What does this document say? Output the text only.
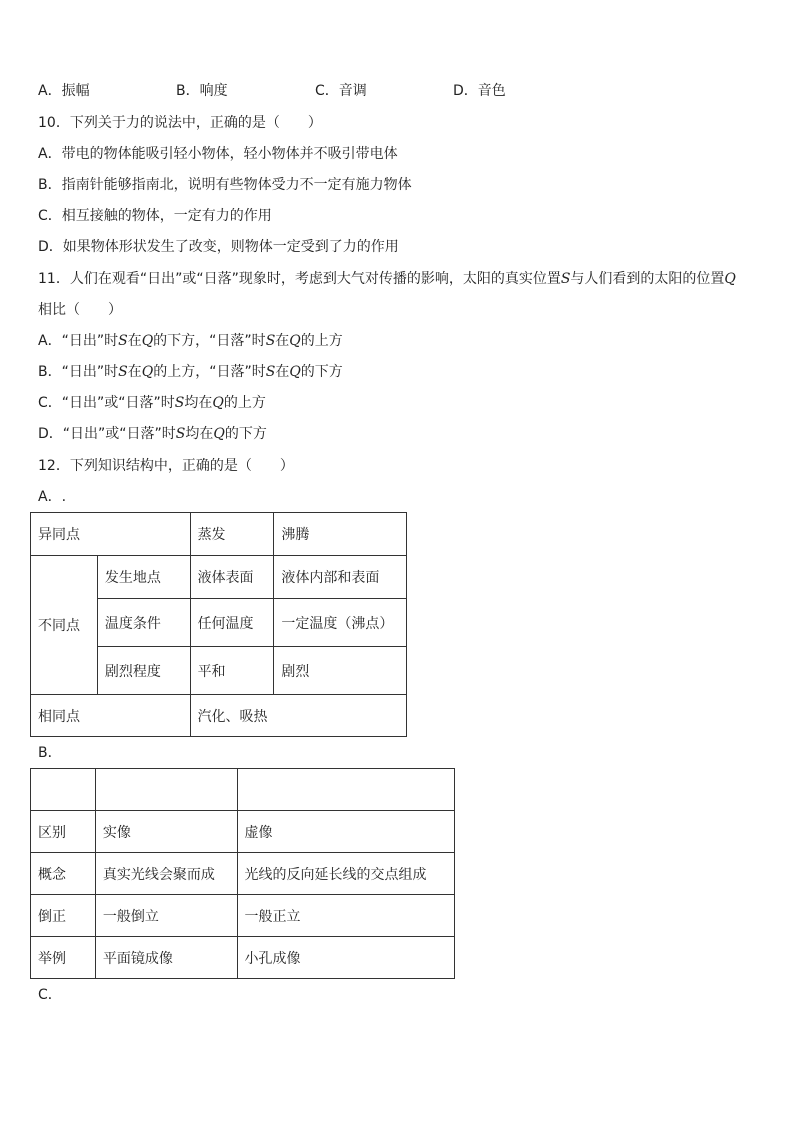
A．振幅	B．响度	C．音调	D．音色
10．下列关于力的说法中，正确的是（　　）
A．带电的物体能吸引轻小物体，轻小物体并不吸引带电体
B．指南针能够指南北，说明有些物体受力不一定有施力物体
C．相互接触的物体，一定有力的作用
D．如果物体形状发生了改变，则物体一定受到了力的作用
11．人们在观看“日出”或“日落”现象时，考虑到大气对传播的影响，太阳的真实位置S与人们看到的太阳的位置Q
相比（　　）
A．“日出”时S在Q的下方，“日落”时S在Q的上方
B．“日出”时S在Q的上方，“日落”时S在Q的下方
C．“日出”或“日落”时S均在Q的上方
D．“日出”或“日落”时S均在Q的下方
12．下列知识结构中，正确的是（　　）
A．.
异同点		蒸发	沸腾
不同点	发生地点	液体表面	液体内部和表面
	温度条件	任何温度	一定温度（沸点）
	剧烈程度	平和	剧烈
相同点		汽化、吸热	
B．

区别	实像	虚像
概念	真实光线会聚而成	光线的反向延长线的交点组成
倒正	一般倒立	一般正立
举例	平面镜成像	小孔成像
C．
